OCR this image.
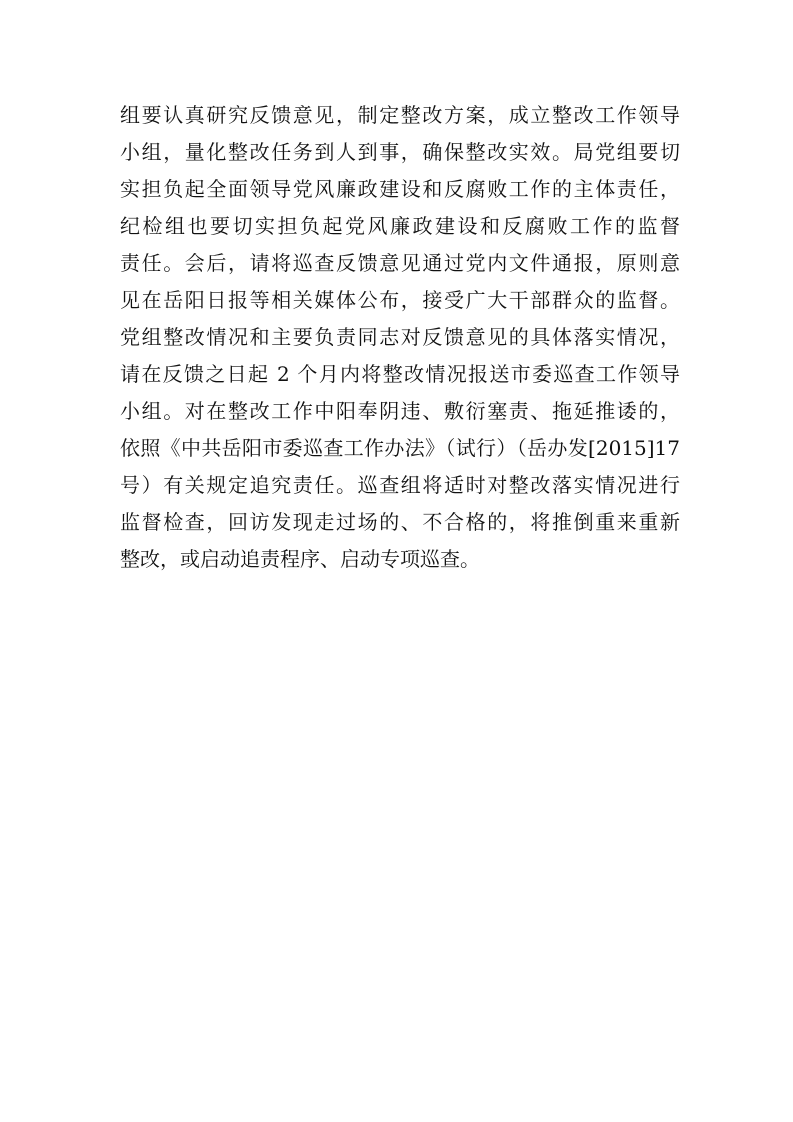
组要认真研究反馈意见，制定整改方案，成立整改工作领导
小组，量化整改任务到人到事，确保整改实效。局党组要切
实担负起全面领导党风廉政建设和反腐败工作的主体责任，
纪检组也要切实担负起党风廉政建设和反腐败工作的监督
责任。会后，请将巡查反馈意见通过党内文件通报，原则意
见在岳阳日报等相关媒体公布，接受广大干部群众的监督。
党组整改情况和主要负责同志对反馈意见的具体落实情况，
请在反馈之日起 2 个月内将整改情况报送市委巡查工作领导
小组。对在整改工作中阳奉阴违、敷衍塞责、拖延推诿的，
依照《中共岳阳市委巡查工作办法》（试行）（岳办发[2015]17
号）有关规定追究责任。巡查组将适时对整改落实情况进行
监督检查，回访发现走过场的、不合格的，将推倒重来重新
整改，或启动追责程序、启动专项巡查。
